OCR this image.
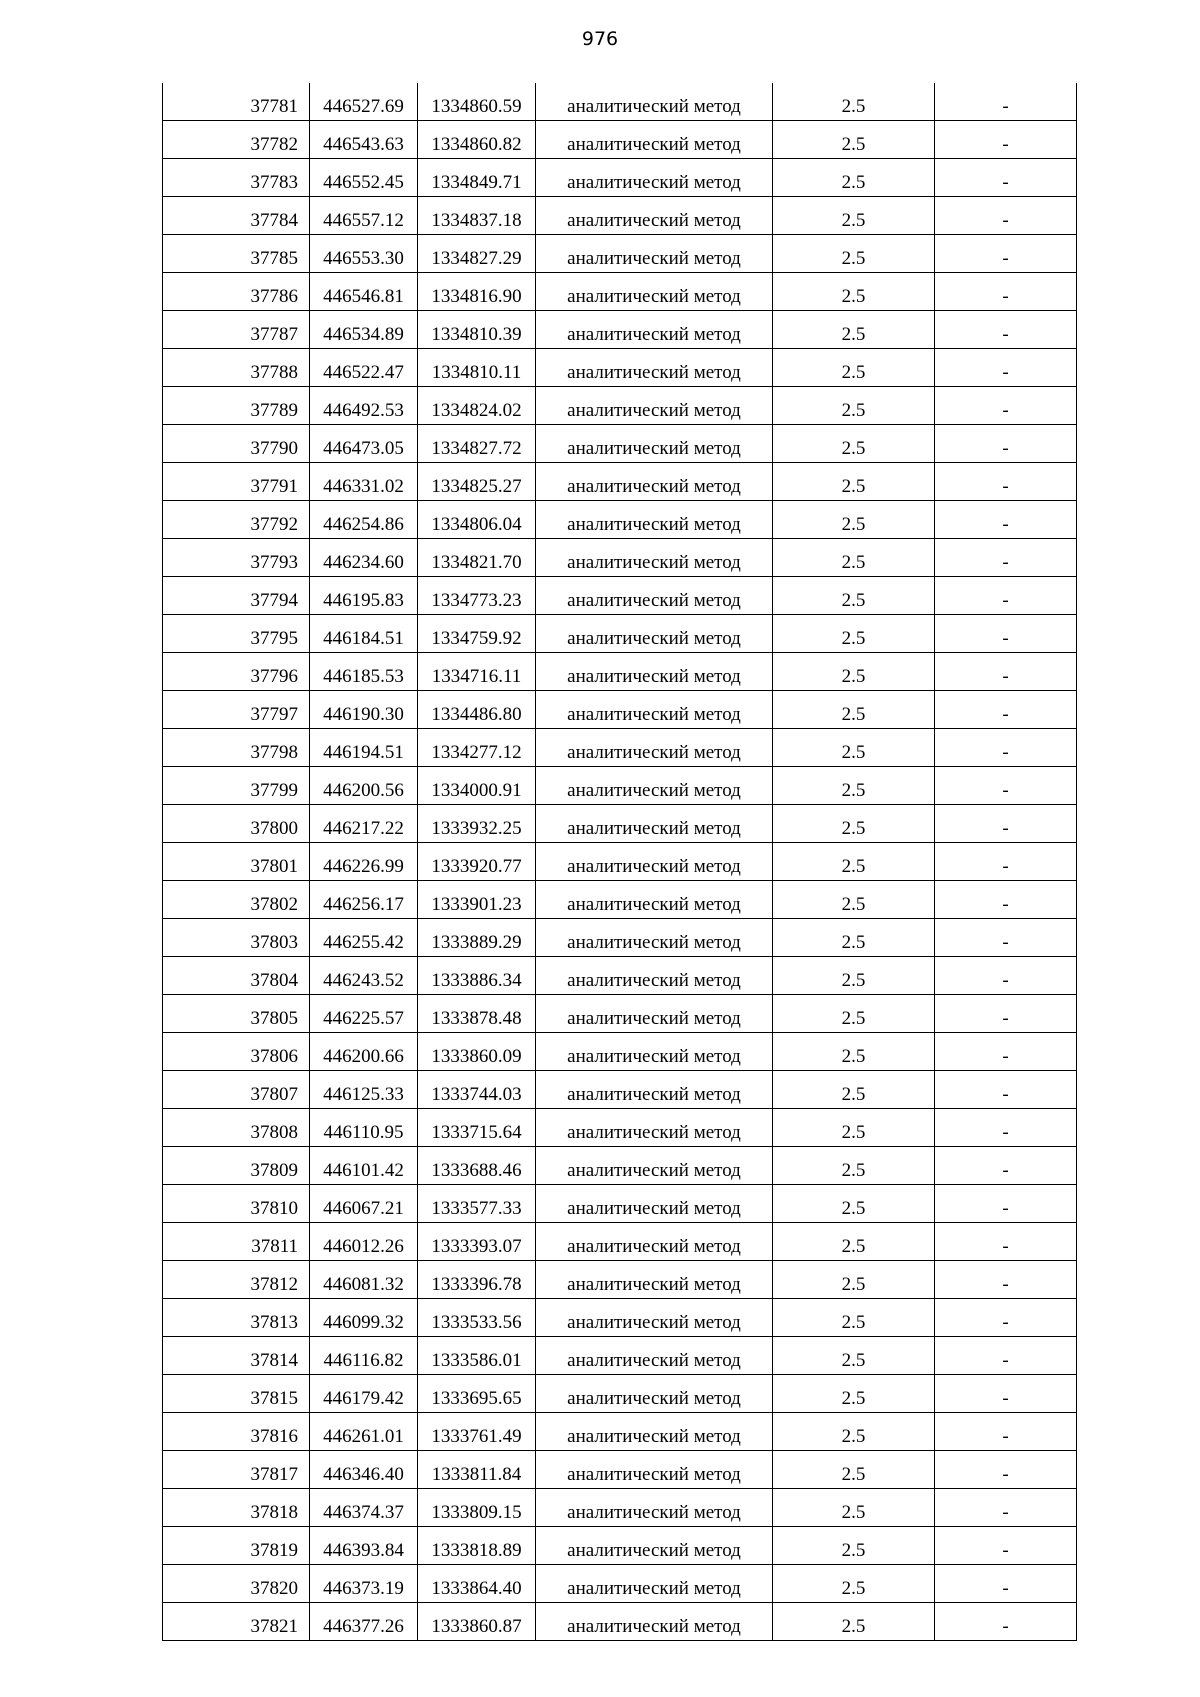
976
37781	446527.69	1334860.59	аналитический метод	2.5	-

37782	446543.63	1334860.82	аналитический метод	2.5	-

37783	446552.45	1334849.71	аналитический метод	2.5	-

37784	446557.12	1334837.18	аналитический метод	2.5	-

37785	446553.30	1334827.29	аналитический метод	2.5	-

37786	446546.81	1334816.90	аналитический метод	2.5	-

37787	446534.89	1334810.39	аналитический метод	2.5	-

37788	446522.47	1334810.11	аналитический метод	2.5	-

37789	446492.53	1334824.02	аналитический метод	2.5	-

37790	446473.05	1334827.72	аналитический метод	2.5	-

37791	446331.02	1334825.27	аналитический метод	2.5	-

37792	446254.86	1334806.04	аналитический метод	2.5	-

37793	446234.60	1334821.70	аналитический метод	2.5	-

37794	446195.83	1334773.23	аналитический метод	2.5	-

37795	446184.51	1334759.92	аналитический метод	2.5	-

37796	446185.53	1334716.11	аналитический метод	2.5	-

37797	446190.30	1334486.80	аналитический метод	2.5	-

37798	446194.51	1334277.12	аналитический метод	2.5	-

37799	446200.56	1334000.91	аналитический метод	2.5	-

37800	446217.22	1333932.25	аналитический метод	2.5	-

37801	446226.99	1333920.77	аналитический метод	2.5	-

37802	446256.17	1333901.23	аналитический метод	2.5	-

37803	446255.42	1333889.29	аналитический метод	2.5	-

37804	446243.52	1333886.34	аналитический метод	2.5	-

37805	446225.57	1333878.48	аналитический метод	2.5	-

37806	446200.66	1333860.09	аналитический метод	2.5	-

37807	446125.33	1333744.03	аналитический метод	2.5	-

37808	446110.95	1333715.64	аналитический метод	2.5	-

37809	446101.42	1333688.46	аналитический метод	2.5	-

37810	446067.21	1333577.33	аналитический метод	2.5	-

37811	446012.26	1333393.07	аналитический метод	2.5	-

37812	446081.32	1333396.78	аналитический метод	2.5	-

37813	446099.32	1333533.56	аналитический метод	2.5	-

37814	446116.82	1333586.01	аналитический метод	2.5	-

37815	446179.42	1333695.65	аналитический метод	2.5	-

37816	446261.01	1333761.49	аналитический метод	2.5	-

37817	446346.40	1333811.84	аналитический метод	2.5	-

37818	446374.37	1333809.15	аналитический метод	2.5	-

37819	446393.84	1333818.89	аналитический метод	2.5	-

37820	446373.19	1333864.40	аналитический метод	2.5	-

37821	446377.26	1333860.87	аналитический метод	2.5	-
